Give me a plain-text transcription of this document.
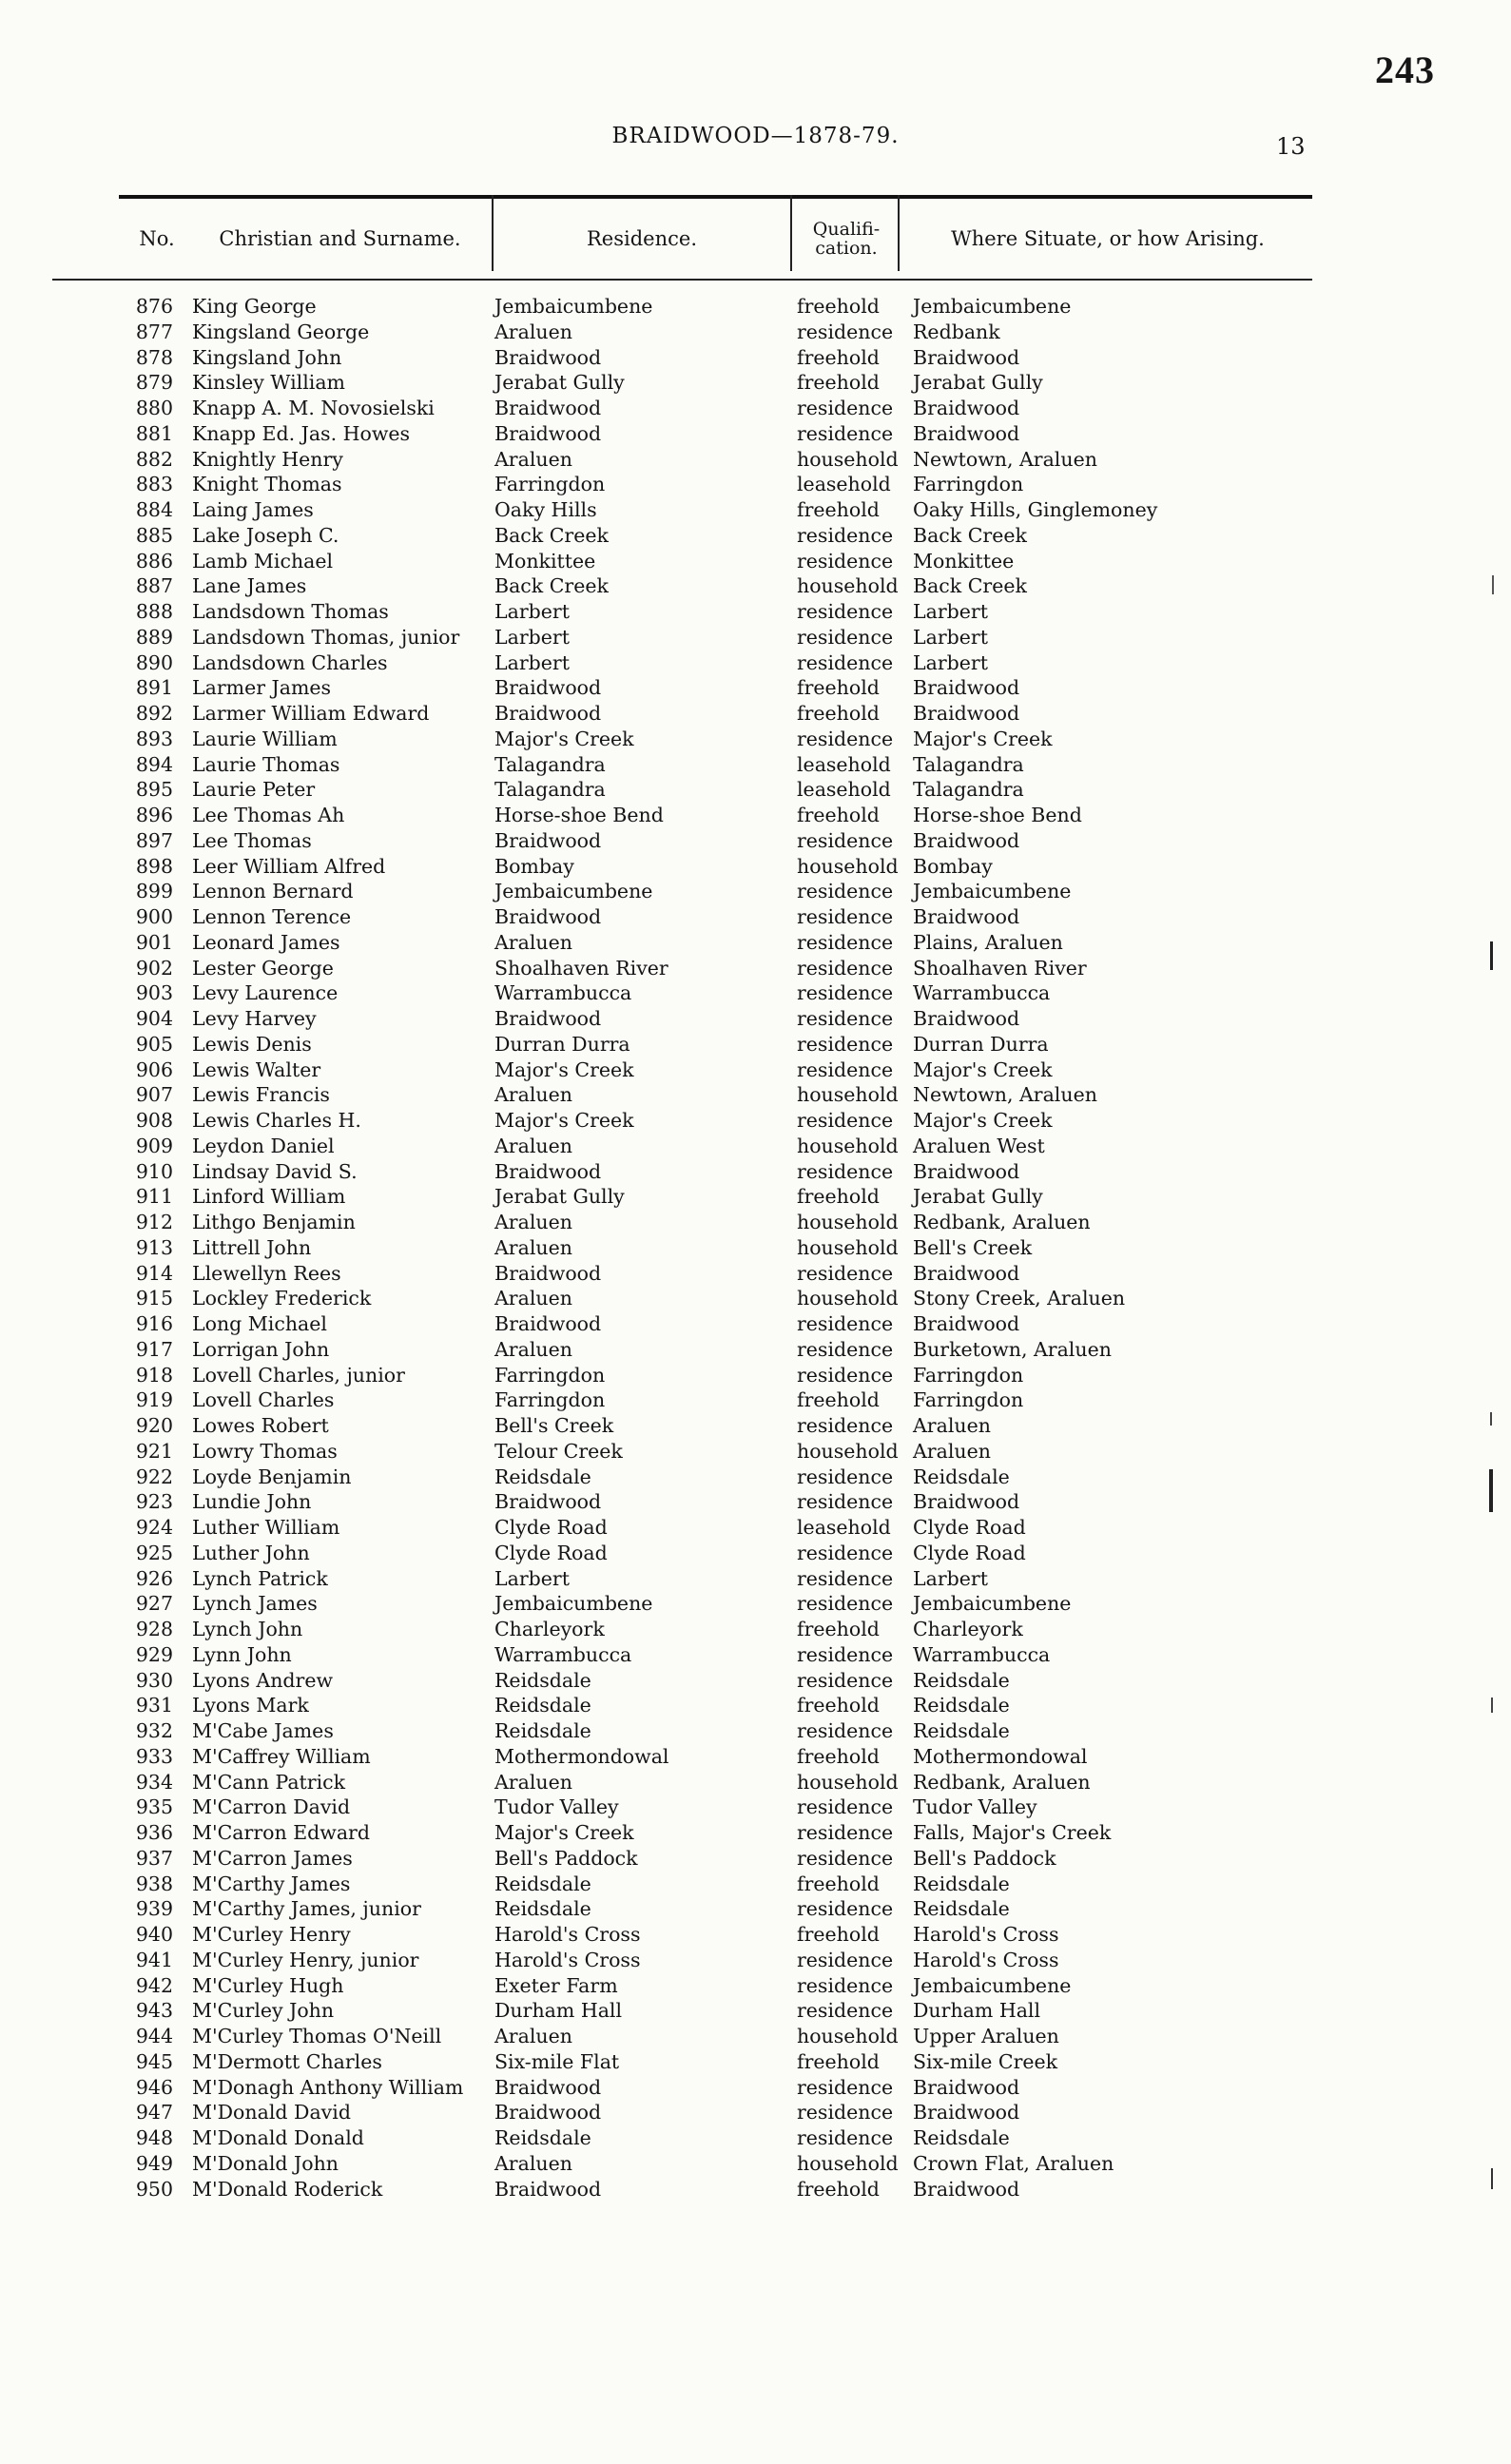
243
BRAIDWOOD—1878-79.	13
No.	Christian and Surname.	Residence.	Qualifi-
cation.	Where Situate, or how Arising.
876 King George	Jembaicumbene	freehold Jembaicumbene
877 Kingsland George	Araluen	residence Redbank
878 Kingsland John	Braidwood	freehold Braidwood
879 Kinsley William	Jerabat Gully	freehold Jerabat Gully
880 Knapp A. M. Novosielski	Braidwood	residence Braidwood
881 Knapp Ed. Jas. Howes	Braidwood	residence Braidwood
882 Knightly Henry	Araluen	household Newtown, Araluen
883 Knight Thomas	Farringdon	leasehold Farringdon
884 Laing James	Oaky Hills	freehold Oaky Hills, Ginglemoney
885 Lake Joseph C.	Back Creek	residence Back Creek
886 Lamb Michael	Monkittee	residence Monkittee
887 Lane James	Back Creek	household Back Creek
888 Landsdown Thomas	Larbert	residence Larbert
889 Landsdown Thomas, junior Larbert	residence Larbert
890 Landsdown Charles	Larbert	residence Larbert
891 Larmer James	Braidwood	freehold Braidwood
892 Larmer William Edward	Braidwood	freehold Braidwood
893 Laurie William	Major's Creek	residence Major's Creek
894 Laurie Thomas	Talagandra	leasehold Talagandra
895 Laurie Peter	Talagandra	leasehold Talagandra
896 Lee Thomas Ah	Horse-shoe Bend	freehold Horse-shoe Bend
897 Lee Thomas	Braidwood	residence Braidwood
898 Leer William Alfred	Bombay	household Bombay
899 Lennon Bernard	Jembaicumbene	residence Jembaicumbene
900 Lennon Terence	Braidwood	residence Braidwood
901 Leonard James	Araluen	residence Plains, Araluen
902 Lester George	Shoalhaven River	residence Shoalhaven River
903 Levy Laurence	Warrambucca	residence Warrambucca
904 Levy Harvey	Braidwood	residence Braidwood
905 Lewis Denis	Durran Durra	residence Durran Durra
906 Lewis Walter	Major's Creek	residence Major's Creek
907 Lewis Francis	Araluen	household Newtown, Araluen
908 Lewis Charles H.	Major's Creek	residence Major's Creek
909 Leydon Daniel	Araluen	household Araluen West
910 Lindsay David S.	Braidwood	residence Braidwood
911 Linford William	Jerabat Gully	freehold Jerabat Gully
912 Lithgo Benjamin	Araluen	household Redbank, Araluen
913 Littrell John	Araluen	household Bell's Creek
914 Llewellyn Rees	Braidwood	residence Braidwood
915 Lockley Frederick	Araluen	household Stony Creek, Araluen
916 Long Michael	Braidwood	residence Braidwood
917 Lorrigan John	Araluen	residence Burketown, Araluen
918 Lovell Charles, junior	Farringdon	residence Farringdon
919 Lovell Charles	Farringdon	freehold Farringdon
920 Lowes Robert	Bell's Creek	residence Araluen
921 Lowry Thomas	Telour Creek	household Araluen
922 Loyde Benjamin	Reidsdale	residence Reidsdale
923 Lundie John	Braidwood	residence Braidwood
924 Luther William	Clyde Road	leasehold Clyde Road
925 Luther John	Clyde Road	residence Clyde Road
926 Lynch Patrick	Larbert	residence Larbert
927 Lynch James	Jembaicumbene	residence Jembaicumbene
928 Lynch John	Charleyork	freehold Charleyork
929 Lynn John	Warrambucca	residence Warrambucca
930 Lyons Andrew	Reidsdale	residence Reidsdale
931 Lyons Mark	Reidsdale	freehold Reidsdale
932 M'Cabe James	Reidsdale	residence Reidsdale
933 M'Caffrey William	Mothermondowal	freehold Mothermondowal
934 M'Cann Patrick	Araluen	household Redbank, Araluen
935 M'Carron David	Tudor Valley	residence Tudor Valley
936 M'Carron Edward	Major's Creek	residence Falls, Major's Creek
937 M'Carron James	Bell's Paddock	residence Bell's Paddock
938 M'Carthy James	Reidsdale	freehold Reidsdale
939 M'Carthy James, junior	Reidsdale	residence Reidsdale
940 M'Curley Henry	Harold's Cross	freehold Harold's Cross
941 M'Curley Henry, junior	Harold's Cross	residence Harold's Cross
942 M'Curley Hugh	Exeter Farm	residence Jembaicumbene
943 M'Curley John	Durham Hall	residence Durham Hall
944 M'Curley Thomas O'Neill	Araluen	household Upper Araluen
945 M'Dermott Charles	Six-mile Flat	freehold Six-mile Creek
946 M'Donagh Anthony William Braidwood	residence Braidwood
947 M'Donald David	Braidwood	residence Braidwood
948 M'Donald Donald	Reidsdale	residence Reidsdale
949 M'Donald John	Araluen	household Crown Flat, Araluen
950 M'Donald Roderick	Braidwood	freehold Braidwood
